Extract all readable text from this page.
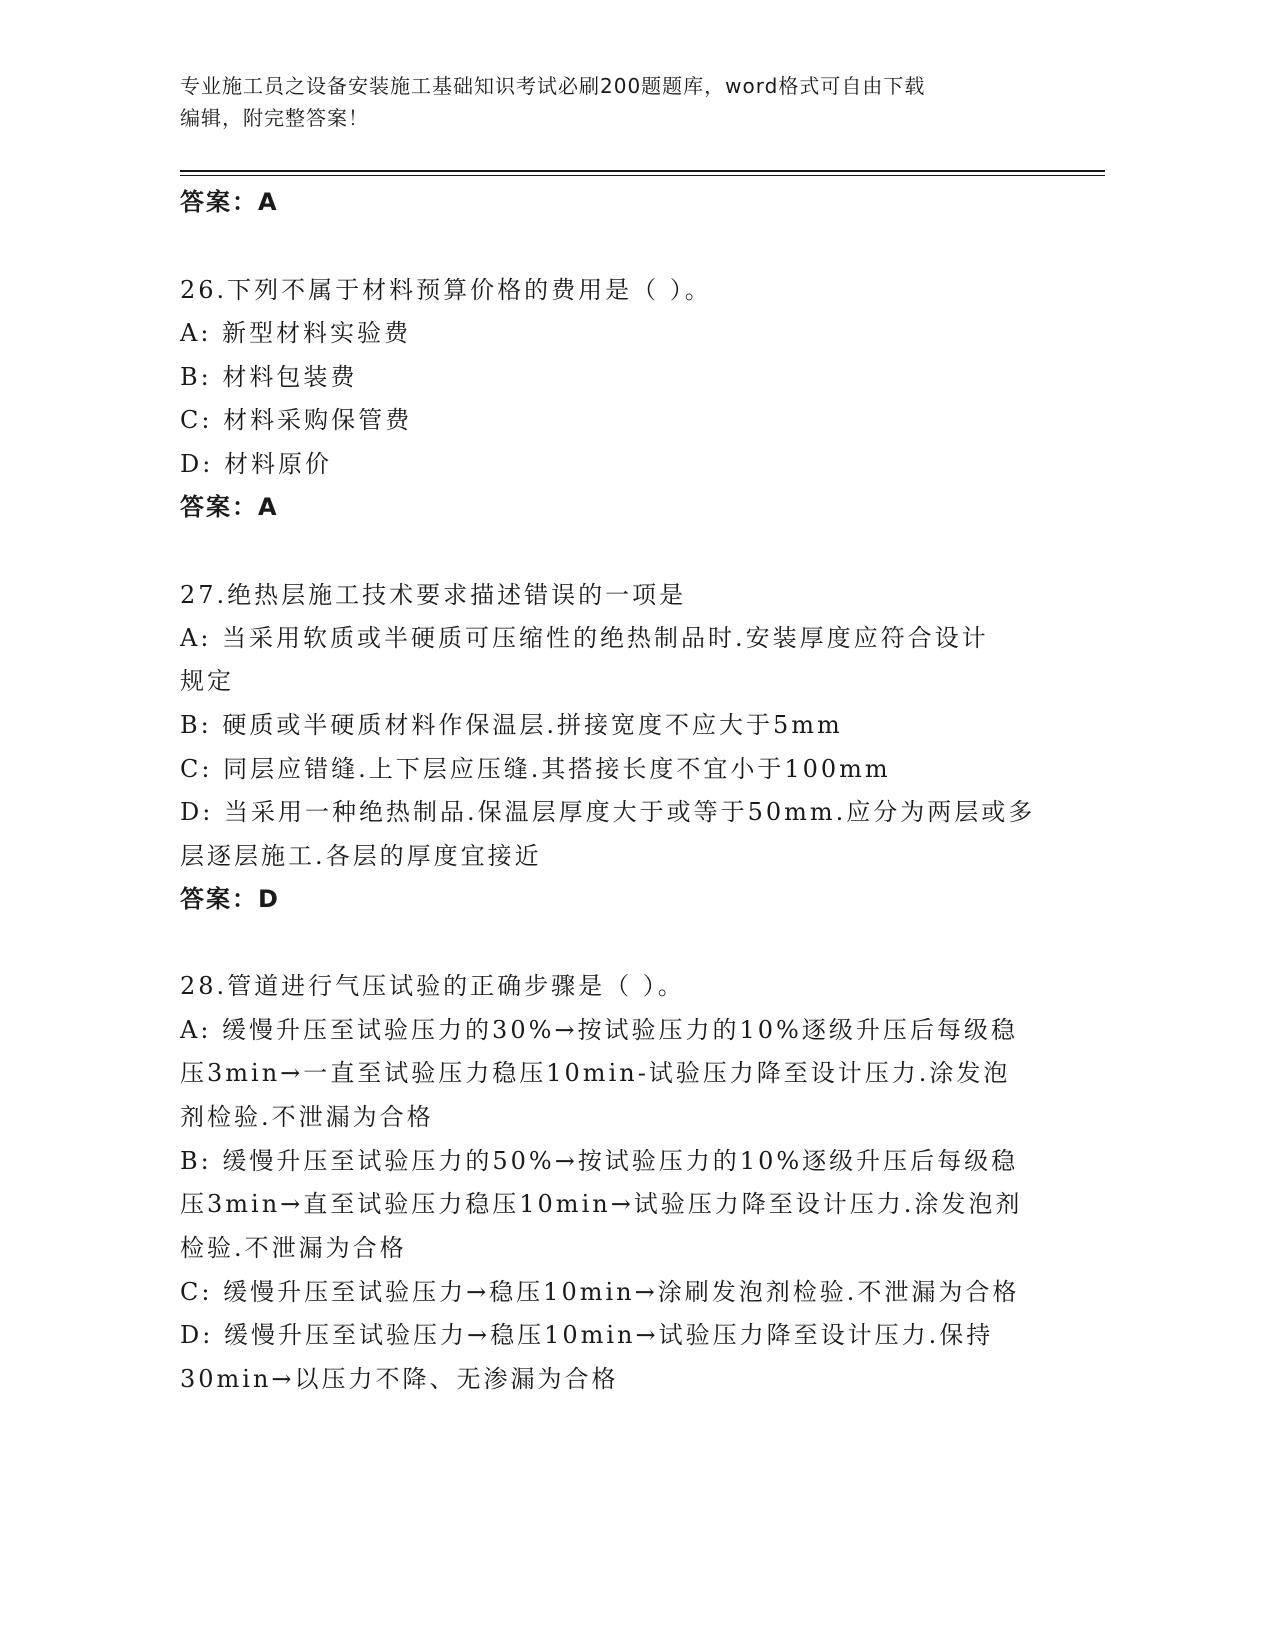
专业施工员之设备安装施工基础知识考试必刷200题题库，word格式可自由下载
编辑，附完整答案！
答案：A
26.下列不属于材料预算价格的费用是（ ）。
A: 新型材料实验费
B: 材料包装费
C: 材料采购保管费
D: 材料原价
答案：A
27.绝热层施工技术要求描述错误的一项是
A: 当采用软质或半硬质可压缩性的绝热制品时.安装厚度应符合设计
规定
B: 硬质或半硬质材料作保温层.拼接宽度不应大于5mm
C: 同层应错缝.上下层应压缝.其搭接长度不宜小于100mm
D: 当采用一种绝热制品.保温层厚度大于或等于50mm.应分为两层或多
层逐层施工.各层的厚度宜接近
答案：D
28.管道进行气压试验的正确步骤是（ ）。
A: 缓慢升压至试验压力的30%→按试验压力的10%逐级升压后每级稳
压3min→一直至试验压力稳压10min-试验压力降至设计压力.涂发泡
剂检验.不泄漏为合格
B: 缓慢升压至试验压力的50%→按试验压力的10%逐级升压后每级稳
压3min→直至试验压力稳压10min→试验压力降至设计压力.涂发泡剂
检验.不泄漏为合格
C: 缓慢升压至试验压力→稳压10min→涂刷发泡剂检验.不泄漏为合格
D: 缓慢升压至试验压力→稳压10min→试验压力降至设计压力.保持
30min→以压力不降、无渗漏为合格
